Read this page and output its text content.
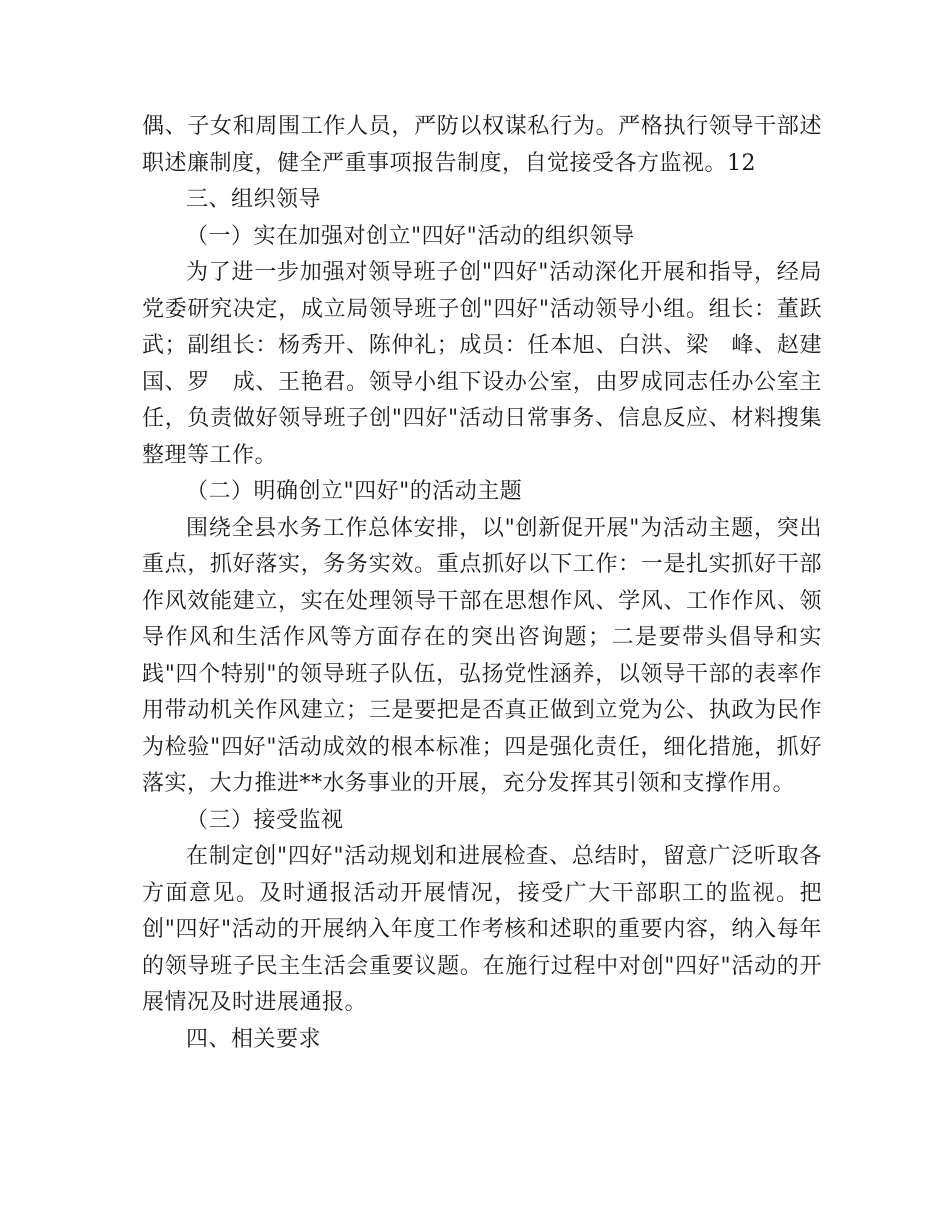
偶、子女和周围工作人员，严防以权谋私行为。严格执行领导干部述职述廉制度，健全严重事项报告制度，自觉接受各方监视。12

三、组织领导

（一）实在加强对创立"四好"活动的组织领导

为了进一步加强对领导班子创"四好"活动深化开展和指导，经局党委研究决定，成立局领导班子创"四好"活动领导小组。组长：董跃武；副组长：杨秀开、陈仲礼；成员：任本旭、白洪、梁　峰、赵建国、罗　成、王艳君。领导小组下设办公室，由罗成同志任办公室主任，负责做好领导班子创"四好"活动日常事务、信息反应、材料搜集整理等工作。

（二）明确创立"四好"的活动主题

围绕全县水务工作总体安排，以"创新促开展"为活动主题，突出重点，抓好落实，务务实效。重点抓好以下工作：一是扎实抓好干部作风效能建立，实在处理领导干部在思想作风、学风、工作作风、领导作风和生活作风等方面存在的突出咨询题；二是要带头倡导和实践"四个特别"的领导班子队伍，弘扬党性涵养，以领导干部的表率作用带动机关作风建立；三是要把是否真正做到立党为公、执政为民作为检验"四好"活动成效的根本标准；四是强化责任，细化措施，抓好落实，大力推进**水务事业的开展，充分发挥其引领和支撑作用。

（三）接受监视

在制定创"四好"活动规划和进展检查、总结时，留意广泛听取各方面意见。及时通报活动开展情况，接受广大干部职工的监视。把创"四好"活动的开展纳入年度工作考核和述职的重要内容，纳入每年的领导班子民主生活会重要议题。在施行过程中对创"四好"活动的开展情况及时进展通报。

四、相关要求
